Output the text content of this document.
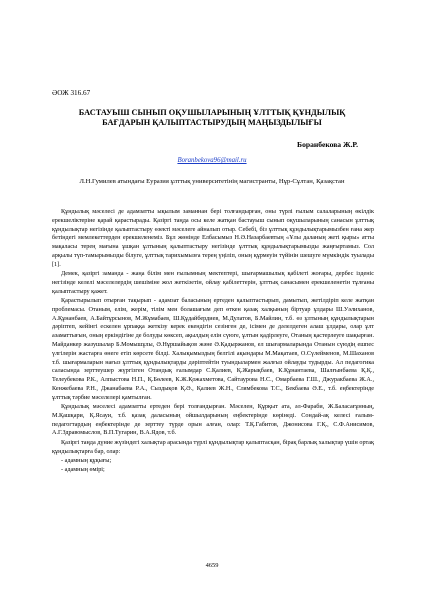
ӘОЖ 316.67
БАСТАУЫШ СЫНЫП ОҚУШЫЛАРЫНЫҢ ҰЛТТЫҚ ҚҰНДЫЛЫҚ БАҒДАРЫН ҚАЛЫПТАСТЫРУДЫҢ МАҢЫЗДЫЛЫҒЫ
Боранбекова Ж.Р.
Boranbekova96@mail.ru
Л.Н.Гумилев атындағы Еуразия ұлттық университетінің магистранты, Нұр-Сұлтан, Қазақстан

Құндылық мәселесі де адамзатты ықылым заманнан бері толғандырған, оны түрлі ғылым салаларының өкілдік ерекшеліктеріне қарай қарастырады. Қазіргі таңда осы келе жатқан бастауыш сынып оқушыларының санасын ұлттық құндылықтар негізінде қалыптастыру өзекті мәселеге айналып отыр. Себебі, біз ұлттық құндылықтарымызбен ғана жер бетіндегі мемлекеттерден ерекшеленеміз. Бұл жөнінде Елбасымыз Н.Ә.Назарбаевтың «Ұлы даланың жеті қыры» атты мақаласы терең мағына ұшқан ұлтының қалыптастыру негізінде ұлттық құндылықтарымызды жаңғыртамыз. Сол арқылы түп-тамырымызды білуге, ұлттық тарихымызға терең үңіліп, оның құрмеуін түйінін шешуге мүмкіндік туылады [1].

Демек, қазіргі заманда - жаңа білім мен ғылымның мектептері, шығармашылық қабілеті жоғары, дербес ізденіс негізінде келелі мәселелердің шешіміне жол жеткізетін, ойлау қабілеттерін, ұлттық санасымен ерекшеленетін тұлғаны қалыптастыру қажет.

Қарастырылып отырған тақырып - адамзат баласының ертеден қалыптастырып, дамытып, жетілдіріп келе жатқан проблемасы. Отаным, елім, жерім, тілім мен болашағым деп өткен қазақ халқының біртуар ұлдары Ш.Уәлиханов, А.Құнанбаев, А.Байтұрсынов, М.Жұмабаев, Ш.Құдайбердиев, М.Дулатов, Б.Майлин, т.б. өз ұлтының құндылықтарын дәріптеп, кейінгі ескелен ұрпаққа жеткізу керек екендігін сезінген де, ісімен де дәлелдеген алаш ұлдары, олар ұлт азаматтығын, оның еркіндігіне де болуды көксеп, ақылдың елін сүюге, ұлтын қадірлеуге, Отаның қастерлеуге шақырған. Майданкер жазушылар Б.Момышұлы, Ә.Нұршайықов және Ә.Қадыржанов, ел шығармаларында Отанын сүюдің ешпес үлгілерін жастарға өнеге етіп көрсете білді. Халықымыздың белгілі ақындары М.Мақатаев, О.Сүлейменов, М.Шаханов т.б. шығармаларын нағыз ұлттық құндылықтарды дәріптейтін туындылармен жалғыз ойлауды тудырды. Ал педагогика саласында зерттеушер жүргізген Отандық ғалымдар С.Қалиев, Қ.Жарықбаев, К.Құнантаева, Шалғынбаева Қ.Қ., Телеубекова Р.К., Алпыстова Н.П., Қ.Бөлеев, К.Ж.Қожахметова, Сайтаурова Н.С., Омарбаева Г.Ш., Джуракбаева Ж.А., Кенжебаева Р.Н., Джанабаева Р.А., Сыздықов Қ.Ә., Қалиев Ж.Н., Слямбекова Т.С., Бекбаева Ә.Е., т.б. еңбектерінде ұлттық тәрбие мәселелері қамтылған.

Құндылық мәселесі адамзатты ертеден бері толғандырған. Мәселен, Құрқыт ата, әл-Фараби, Ж.Баласағұнның, М.Қашқари, Қ.Ясауи, т.б. қазақ даласының ойшылдарының еңбектерінде көрінеді. Сондай-ақ келесі ғалым-педагогтардың еңбектерінде де зерттеу түрде орын алған, олар: Т.Қ.Габитов, Джонисова Г.Қ., С.Ф.Анисимов, А.Г.Здравомыслов, В.П.Тугарин, В.А.Ядов, т.б.

Қазіргі таңда дүние жүзіндегі халықтар арасында түрлі құндылықтар қалыптасқан, бірақ барлық халықтар үшін ортақ құндылықтарға бар, олар:

- адамның құқығы;

- адамның өмірі;

4659
